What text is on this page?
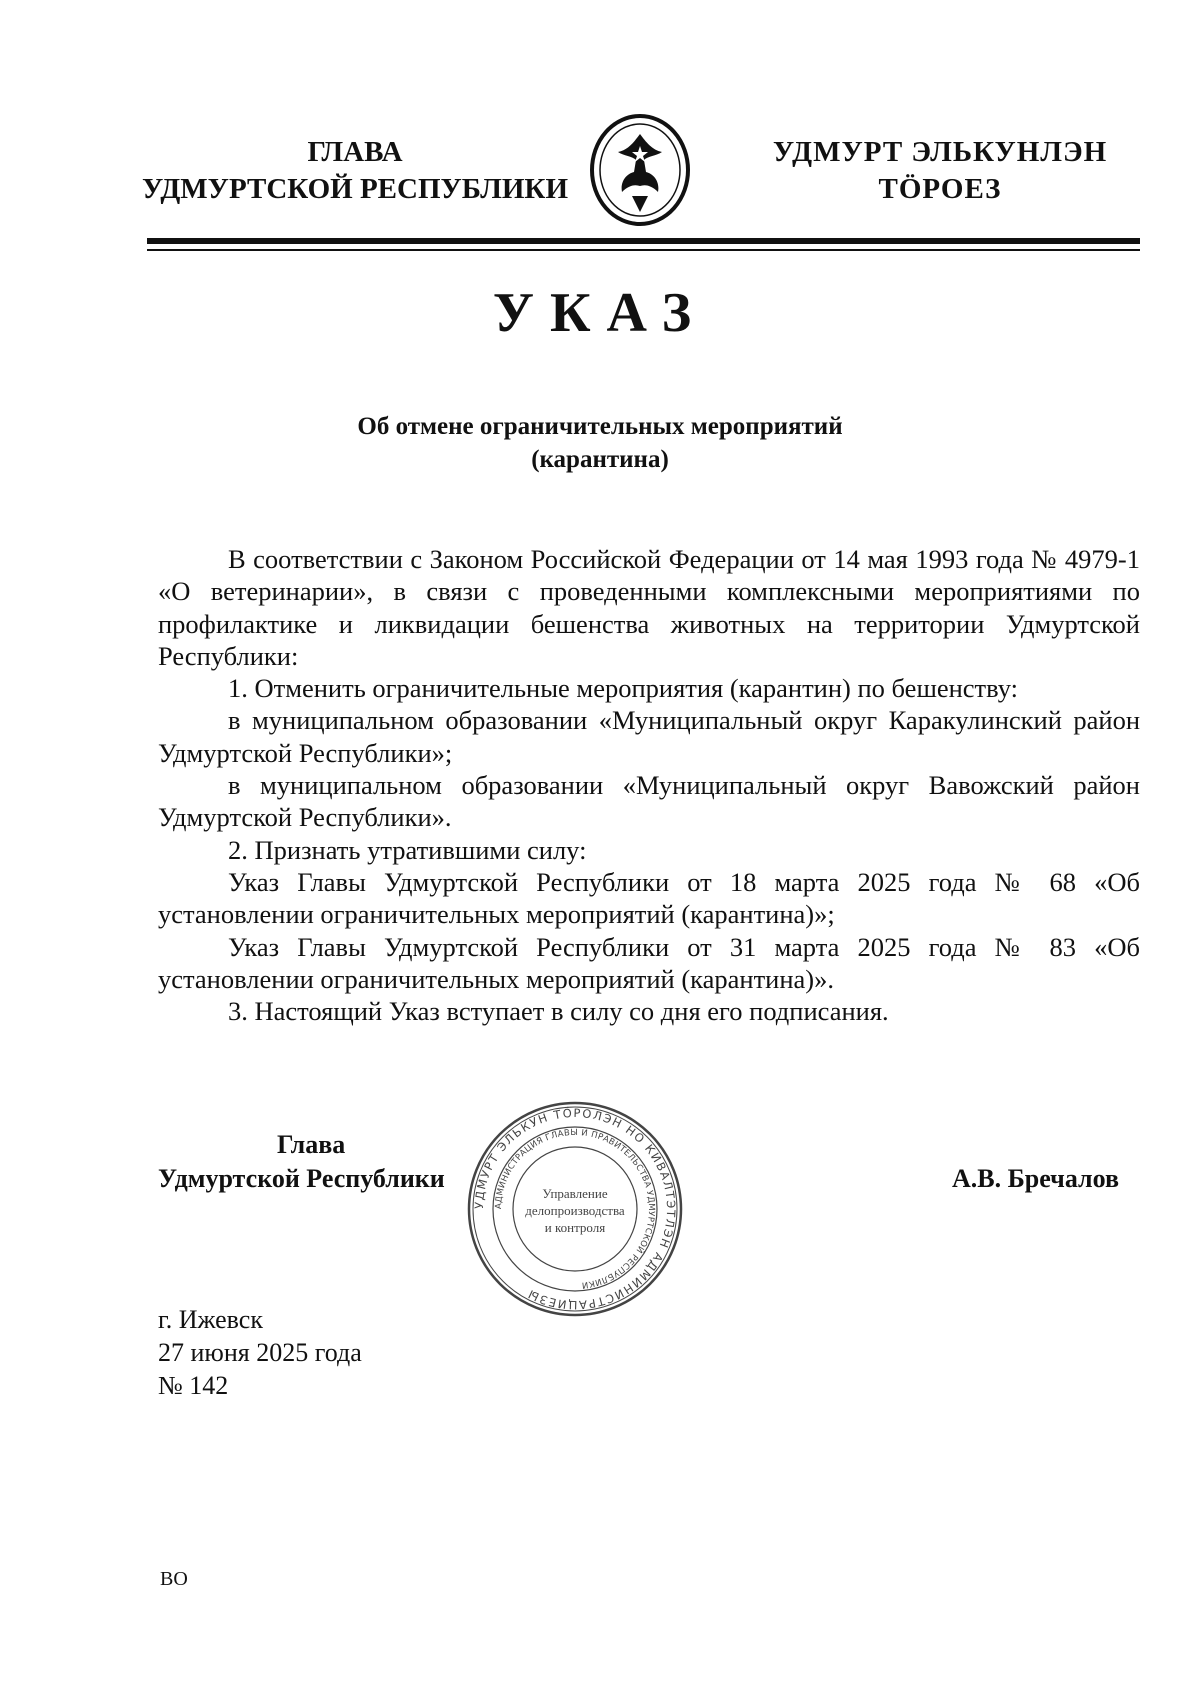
ГЛАВА
УДМУРТСКОЙ РЕСПУБЛИКИ
УДМУРТ ЭЛЬКУНЛЭН
ТӦРОЕЗ
УКАЗ
Об отмене ограничительных мероприятий
(карантина)

В соответствии с Законом Российской Федерации от 14 мая 1993 года № 4979-1 «О ветеринарии», в связи с проведенными комплексными мероприятиями по профилактике и ликвидации бешенства животных на территории Удмуртской Республики:

1. Отменить ограничительные мероприятия (карантин) по бешенству:

в муниципальном образовании «Муниципальный округ Каракулинский район Удмуртской Республики»;

в муниципальном образовании «Муниципальный округ Вавожский район Удмуртской Республики».

2. Признать утратившими силу:

Указ Главы Удмуртской Республики от 18 марта 2025 года № 68 «Об установлении ограничительных мероприятий (карантина)»;

Указ Главы Удмуртской Республики от 31 марта 2025 года № 83 «Об установлении ограничительных мероприятий (карантина)».

3. Настоящий Указ вступает в силу со дня его подписания.

Глава
Удмуртской Республики	А.В. Бречалов
УДМУРТ ЭЛЬКУН ТӦРОЛЭН НО КИВАЛТЭТЛЭН АДМИНИСТРАЦИЕЗЫ
АДМИНИСТРАЦИЯ ГЛАВЫ И ПРАВИТЕЛЬСТВА УДМУРТСКОЙ РЕСПУБЛИКИ
Управление
делопроизводства
и контроля
г. Ижевск
27 июня 2025 года
№ 142
ВО
